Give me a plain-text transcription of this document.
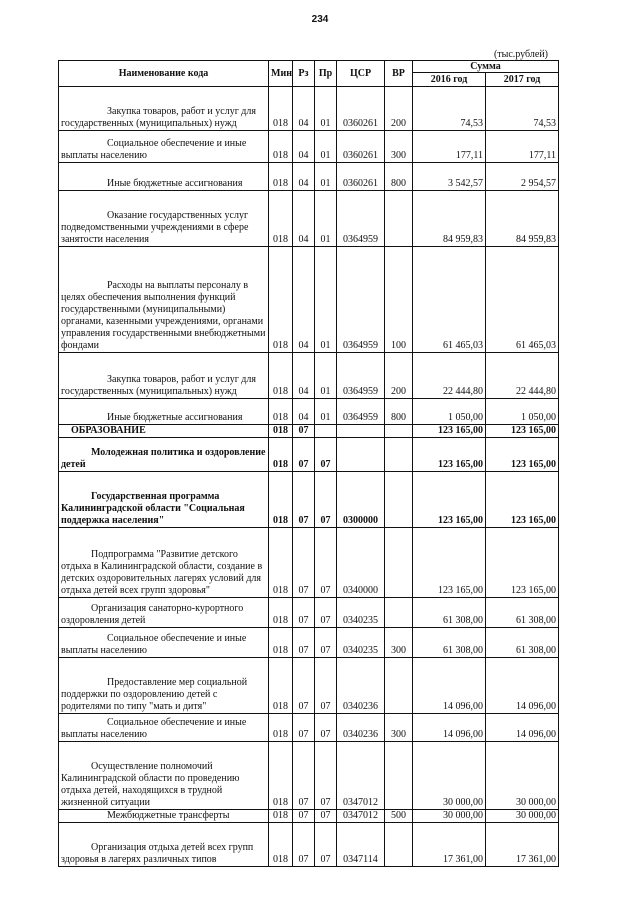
234
(тыс.рублей)
Наименование кода	Мин	Рз	Пр	ЦСР	ВР	Сумма	
						2016 год	2017 год
Закупка товаров, работ и услуг для государственных (муниципальных) нужд	018	04	01	0360261	200	74,53	74,53
Социальное обеспечение и иные выплаты населению	018	04	01	0360261	300	177,11	177,11
Иные бюджетные ассигнования	018	04	01	0360261	800	3 542,57	2 954,57
Оказание государственных услуг подведомственными учреждениями в сфере занятости населения	018	04	01	0364959		84 959,83	84 959,83
Расходы на выплаты персоналу в целях обеспечения выполнения функций государственными (муниципальными) органами, казенными учреждениями, органами управления государственными внебюджетными фондами	018	04	01	0364959	100	61 465,03	61 465,03
Закупка товаров, работ и услуг для государственных (муниципальных) нужд	018	04	01	0364959	200	22 444,80	22 444,80
Иные бюджетные ассигнования	018	04	01	0364959	800	1 050,00	1 050,00
ОБРАЗОВАНИЕ	018	07				123 165,00	123 165,00
Молодежная политика и оздоровление детей	018	07	07			123 165,00	123 165,00
Государственная программа Калининградской области "Социальная поддержка населения"	018	07	07	0300000		123 165,00	123 165,00
Подпрограмма "Развитие детского отдыха в Калининградской области, создание в детских оздоровительных лагерях условий для отдыха детей всех групп здоровья"	018	07	07	0340000		123 165,00	123 165,00
Организация санаторно-курортного оздоровления детей	018	07	07	0340235		61 308,00	61 308,00
Социальное обеспечение и иные выплаты населению	018	07	07	0340235	300	61 308,00	61 308,00
Предоставление мер социальной поддержки по оздоровлению детей с родителями по типу "мать и дитя"	018	07	07	0340236		14 096,00	14 096,00
Социальное обеспечение и иные выплаты населению	018	07	07	0340236	300	14 096,00	14 096,00
Осуществление полномочий Калининградской области по проведению отдыха детей, находящихся в трудной жизненной ситуации	018	07	07	0347012		30 000,00	30 000,00
Межбюджетные трансферты	018	07	07	0347012	500	30 000,00	30 000,00
Организация отдыха детей всех групп здоровья в лагерях различных типов	018	07	07	0347114		17 361,00	17 361,00
